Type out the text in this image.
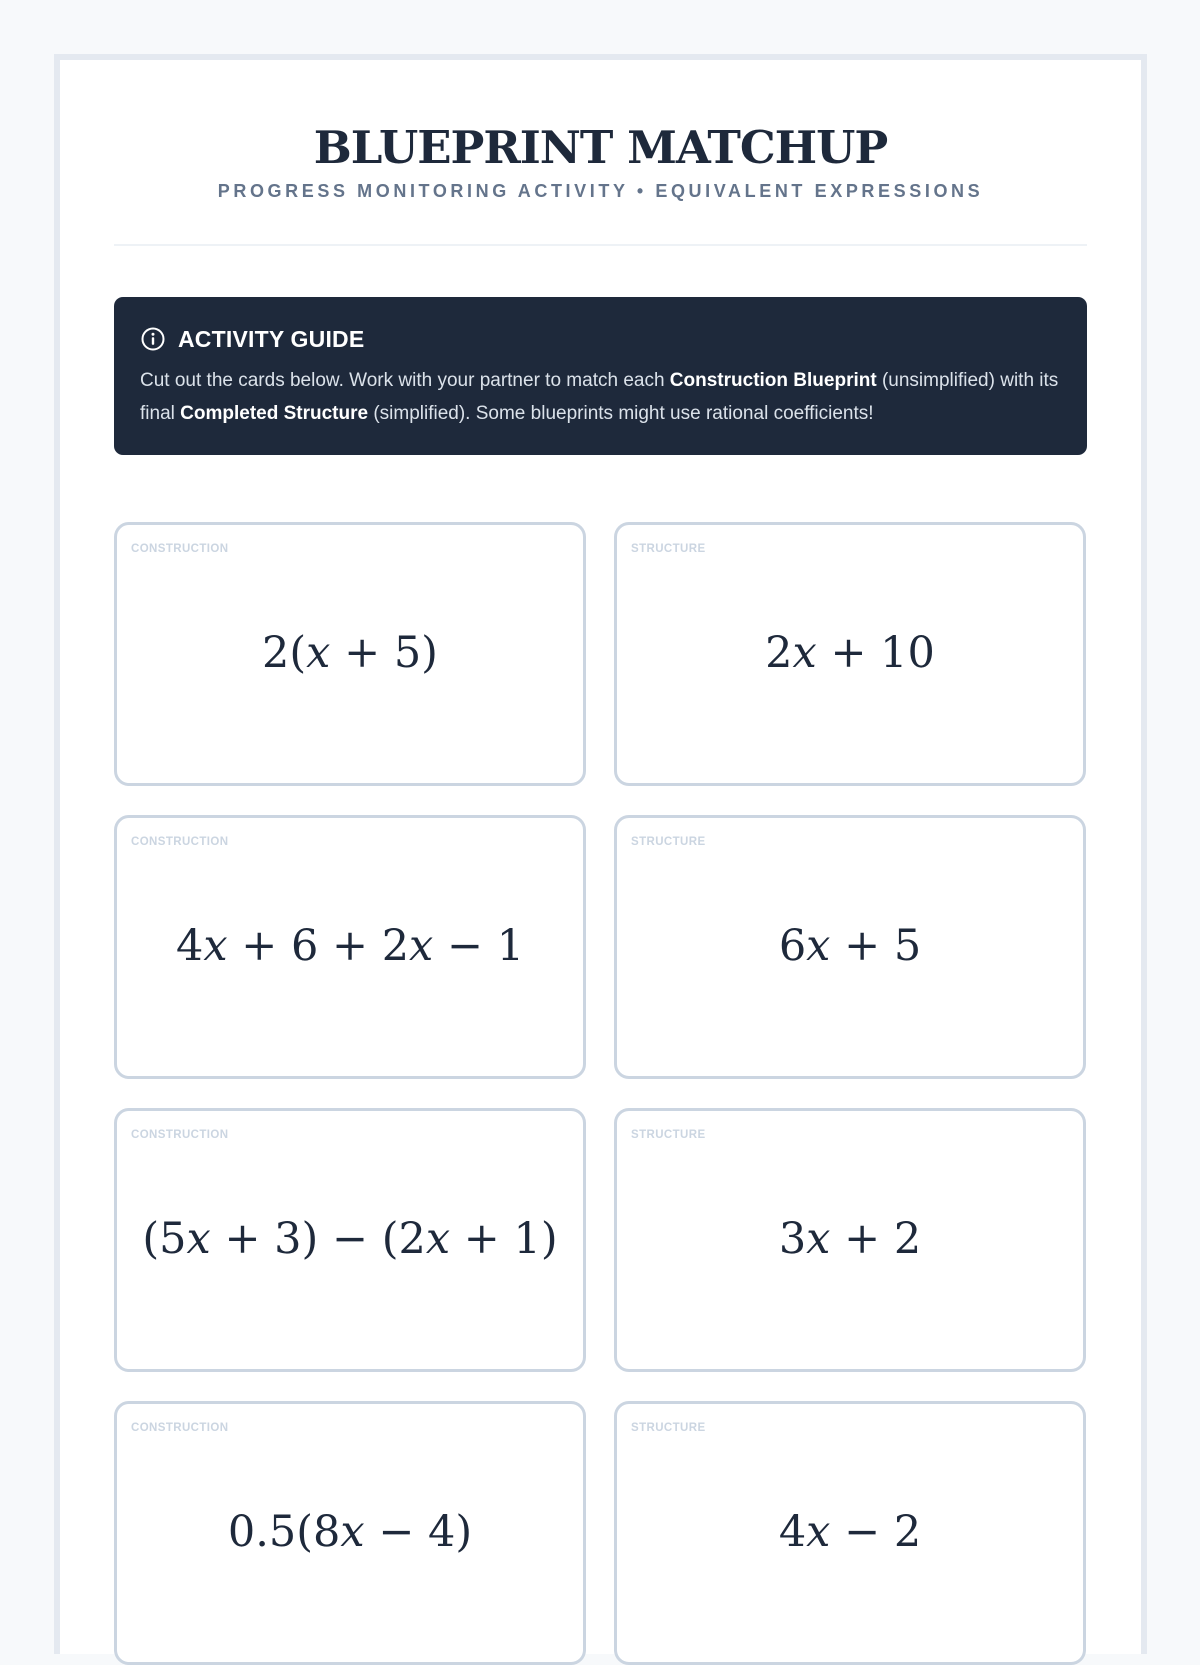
BLUEPRINT MATCHUP
PROGRESS MONITORING ACTIVITY • EQUIVALENT EXPRESSIONS
ACTIVITY GUIDE
Cut out the cards below. Work with your partner to match each Construction Blueprint (unsimplified) with its final Completed Structure (simplified). Some blueprints might use rational coefficients!
CONSTRUCTION
2(x + 5)
STRUCTURE
2x + 10
CONSTRUCTION
4x + 6 + 2x − 1
STRUCTURE
6x + 5
CONSTRUCTION
(5x + 3) − (2x + 1)
STRUCTURE
3x + 2
CONSTRUCTION
0.5(8x − 4)
STRUCTURE
4x − 2
